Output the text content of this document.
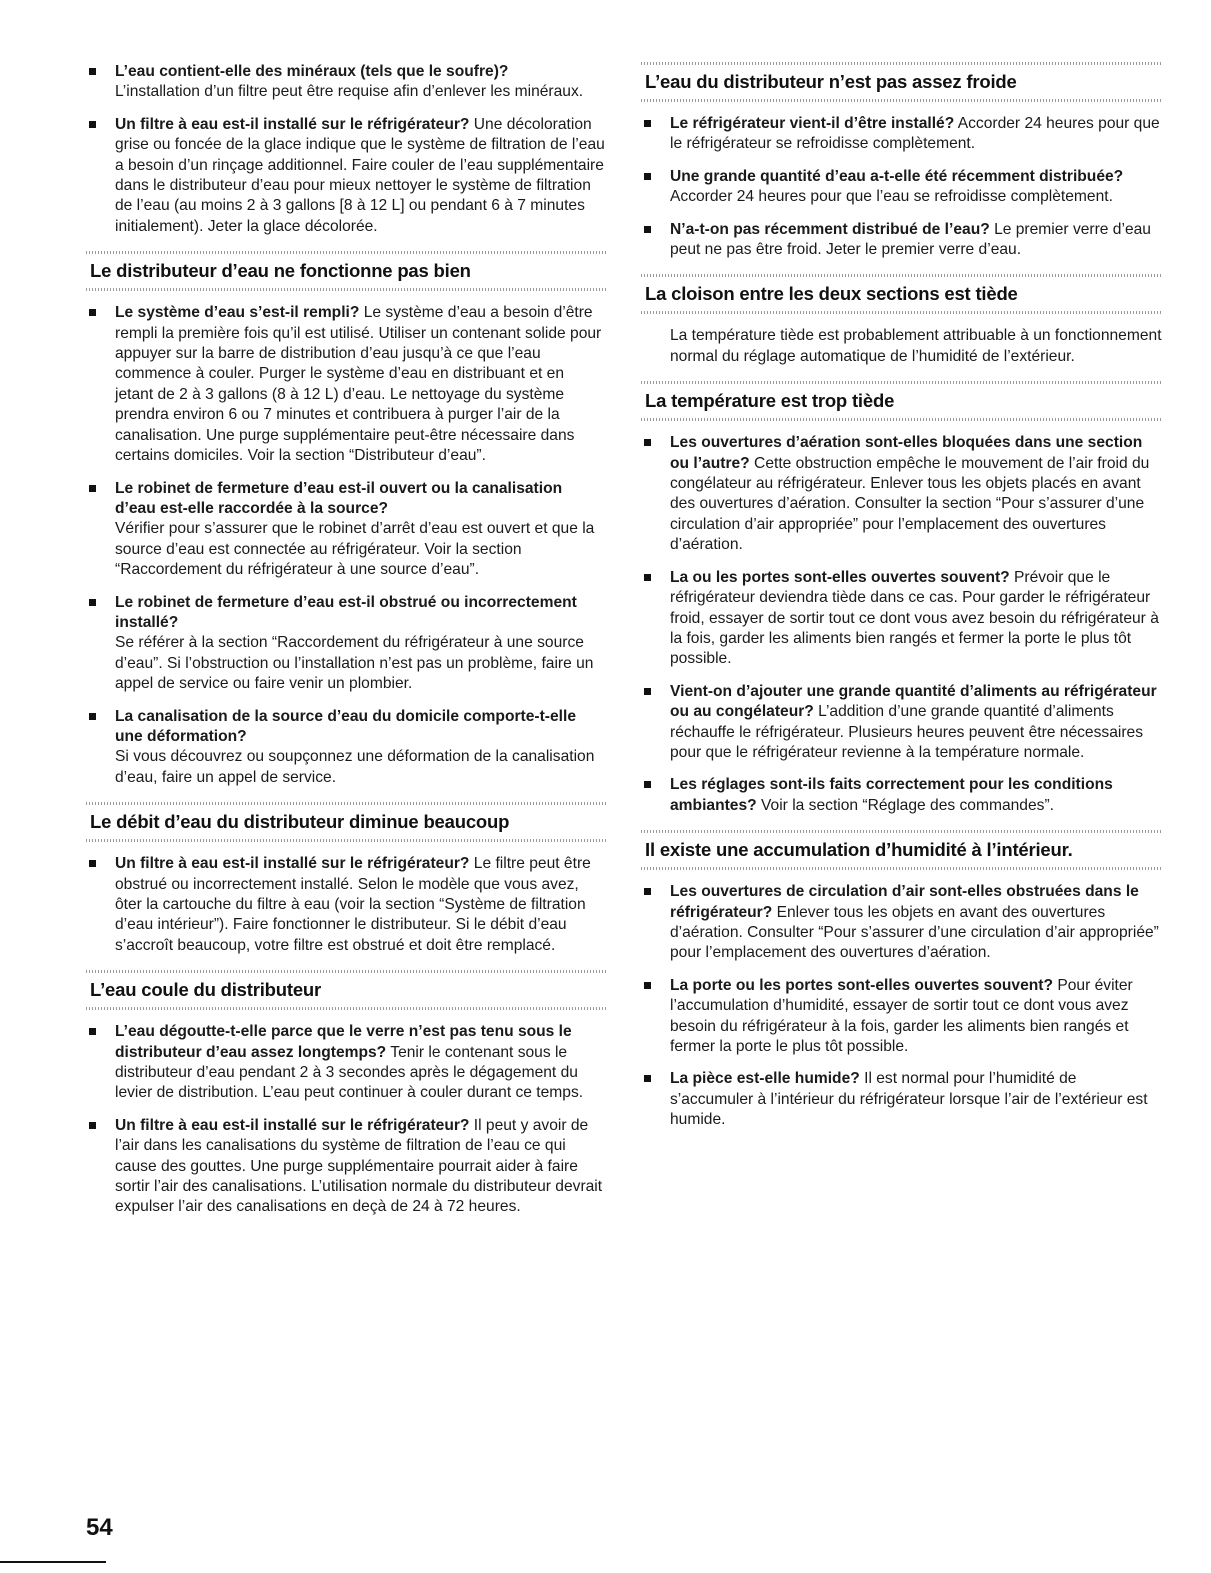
L’eau contient-elle des minéraux (tels que le soufre)?
L’installation d’un filtre peut être requise afin d’enlever les minéraux.
Un filtre à eau est-il installé sur le réfrigérateur? Une décoloration grise ou foncée de la glace indique que le système de filtration de l’eau a besoin d’un rinçage additionnel. Faire couler de l’eau supplémentaire dans le distributeur d’eau pour mieux nettoyer le système de filtration de l’eau (au moins 2 à 3 gallons [8 à 12 L] ou pendant 6 à 7 minutes initialement). Jeter la glace décolorée.
Le distributeur d’eau ne fonctionne pas bien
Le système d’eau s’est-il rempli? Le système d’eau a besoin d’être rempli la première fois qu’il est utilisé. Utiliser un contenant solide pour appuyer sur la barre de distribution d’eau jusqu’à ce que l’eau commence à couler. Purger le système d’eau en distribuant et en jetant de 2 à 3 gallons (8 à 12 L) d’eau. Le nettoyage du système prendra environ 6 ou 7 minutes et contribuera à purger l’air de la canalisation. Une purge supplémentaire peut-être nécessaire dans certains domiciles. Voir la section “Distributeur d’eau”.
Le robinet de fermeture d’eau est-il ouvert ou la canalisation d’eau est-elle raccordée à la source?
Vérifier pour s’assurer que le robinet d’arrêt d’eau est ouvert et que la source d’eau est connectée au réfrigérateur. Voir la section “Raccordement du réfrigérateur à une source d’eau”.
Le robinet de fermeture d’eau est-il obstrué ou incorrectement installé?
Se référer à la section “Raccordement du réfrigérateur à une source d’eau”. Si l’obstruction ou l’installation n’est pas un problème, faire un appel de service ou faire venir un plombier.
La canalisation de la source d’eau du domicile comporte-t-elle une déformation?
Si vous découvrez ou soupçonnez une déformation de la canalisation d’eau, faire un appel de service.
Le débit d’eau du distributeur diminue beaucoup
Un filtre à eau est-il installé sur le réfrigérateur? Le filtre peut être obstrué ou incorrectement installé. Selon le modèle que vous avez, ôter la cartouche du filtre à eau (voir la section “Système de filtration d’eau intérieur”). Faire fonctionner le distributeur. Si le débit d’eau s’accroît beaucoup, votre filtre est obstrué et doit être remplacé.
L’eau coule du distributeur
L’eau dégoutte-t-elle parce que le verre n’est pas tenu sous le distributeur d’eau assez longtemps? Tenir le contenant sous le distributeur d’eau pendant 2 à 3 secondes après le dégagement du levier de distribution. L’eau peut continuer à couler durant ce temps.
Un filtre à eau est-il installé sur le réfrigérateur? Il peut y avoir de l’air dans les canalisations du système de filtration de l’eau ce qui cause des gouttes. Une purge supplémentaire pourrait aider à faire sortir l’air des canalisations. L’utilisation normale du distributeur devrait expulser l’air des canalisations en deçà de 24 à 72 heures.
L’eau du distributeur n’est pas assez froide
Le réfrigérateur vient-il d’être installé? Accorder 24 heures pour que le réfrigérateur se refroidisse complètement.
Une grande quantité d’eau a-t-elle été récemment distribuée? Accorder 24 heures pour que l’eau se refroidisse complètement.
N’a-t-on pas récemment distribué de l’eau? Le premier verre d’eau peut ne pas être froid. Jeter le premier verre d’eau.
La cloison entre les deux sections est tiède
La température tiède est probablement attribuable à un fonctionnement normal du réglage automatique de l’humidité de l’extérieur.
La température est trop tiède
Les ouvertures d’aération sont-elles bloquées dans une section ou l’autre? Cette obstruction empêche le mouvement de l’air froid du congélateur au réfrigérateur. Enlever tous les objets placés en avant des ouvertures d’aération. Consulter la section “Pour s’assurer d’une circulation d’air appropriée” pour l’emplacement des ouvertures d’aération.
La ou les portes sont-elles ouvertes souvent? Prévoir que le réfrigérateur deviendra tiède dans ce cas. Pour garder le réfrigérateur froid, essayer de sortir tout ce dont vous avez besoin du réfrigérateur à la fois, garder les aliments bien rangés et fermer la porte le plus tôt possible.
Vient-on d’ajouter une grande quantité d’aliments au réfrigérateur ou au congélateur? L’addition d’une grande quantité d’aliments réchauffe le réfrigérateur. Plusieurs heures peuvent être nécessaires pour que le réfrigérateur revienne à la température normale.
Les réglages sont-ils faits correctement pour les conditions ambiantes? Voir la section “Réglage des commandes”.
Il existe une accumulation d’humidité à l’intérieur.
Les ouvertures de circulation d’air sont-elles obstruées dans le réfrigérateur? Enlever tous les objets en avant des ouvertures d’aération. Consulter “Pour s’assurer d’une circulation d’air appropriée” pour l’emplacement des ouvertures d’aération.
La porte ou les portes sont-elles ouvertes souvent? Pour éviter l’accumulation d’humidité, essayer de sortir tout ce dont vous avez besoin du réfrigérateur à la fois, garder les aliments bien rangés et fermer la porte le plus tôt possible.
La pièce est-elle humide? Il est normal pour l’humidité de s’accumuler à l’intérieur du réfrigérateur lorsque l’air de l’extérieur est humide.
54
